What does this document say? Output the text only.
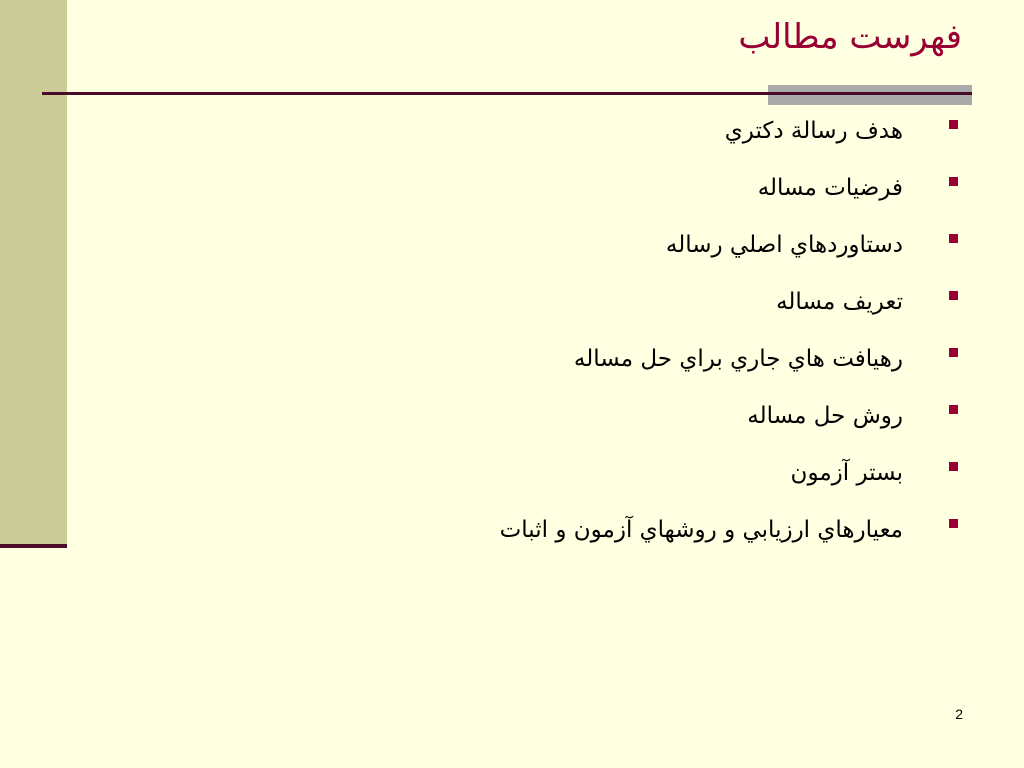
فهرست مطالب
هدف رسالة دكتري
فرضيات مساله
دستاوردهاي اصلي رساله
تعريف مساله
رهيافت هاي جاري براي حل مساله
روش حل مساله
بستر آزمون
معيارهاي ارزيابي و روشهاي آزمون و اثبات
2
